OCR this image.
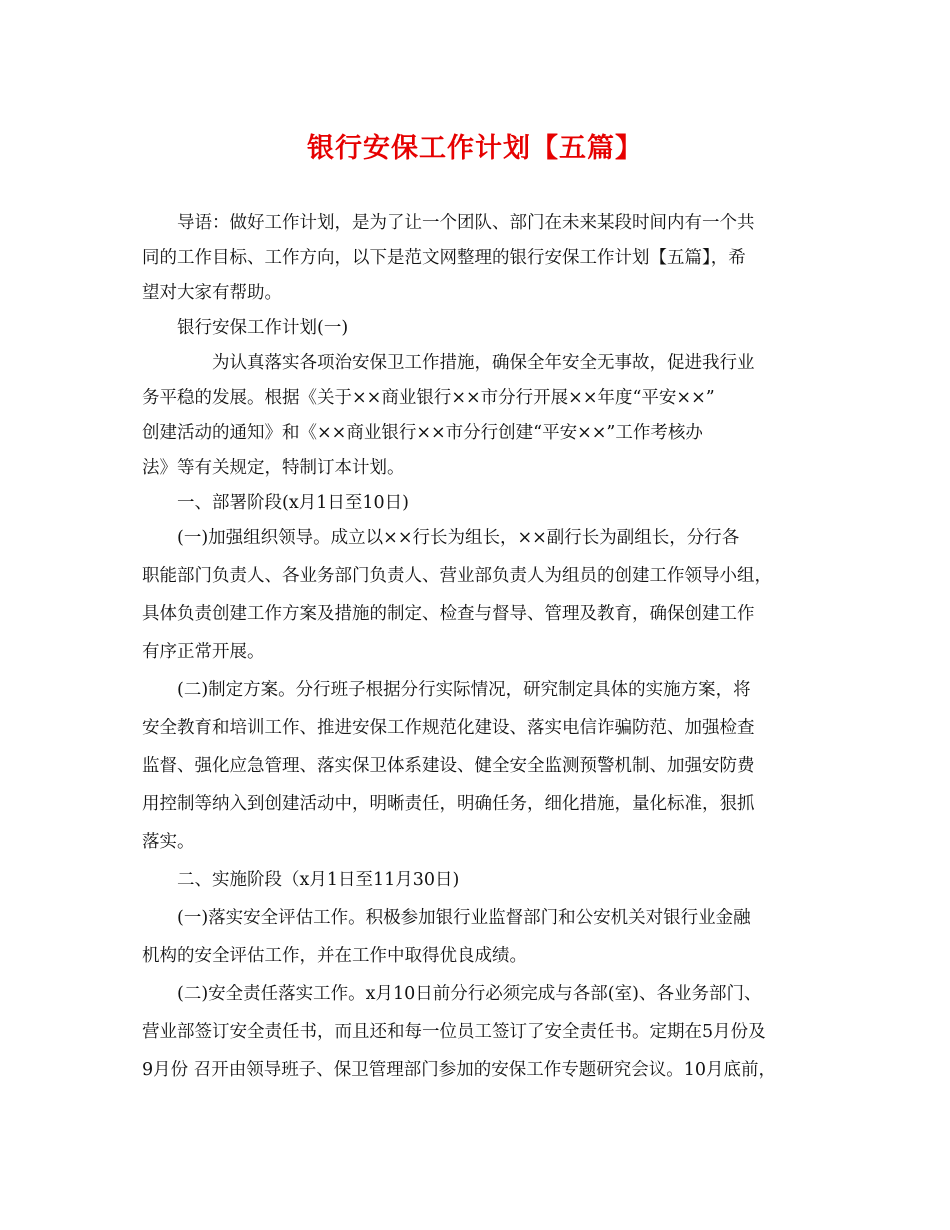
银行安保工作计划【五篇】
导语：做好工作计划，是为了让一个团队、部门在未来某段时间内有一个共
同的工作目标、工作方向，以下是范文网整理的银行安保工作计划【五篇】，希
望对大家有帮助。
银行安保工作计划(一)
为认真落实各项治安保卫工作措施，确保全年安全无事故，促进我行业
务平稳的发展。根据《关于××商业银行××市分行开展××年度“平安××”
创建活动的通知》和《××商业银行××市分行创建“平安××”工作考核办
法》等有关规定，特制订本计划。
一、部署阶段(x月1日至10日)
(一)加强组织领导。成立以××行长为组长，××副行长为副组长，分行各
职能部门负责人、各业务部门负责人、营业部负责人为组员的创建工作领导小组，
具体负责创建工作方案及措施的制定、检查与督导、管理及教育，确保创建工作
有序正常开展。
(二)制定方案。分行班子根据分行实际情况，研究制定具体的实施方案，将
安全教育和培训工作、推进安保工作规范化建设、落实电信诈骗防范、加强检查
监督、强化应急管理、落实保卫体系建设、健全安全监测预警机制、加强安防费
用控制等纳入到创建活动中，明晰责任，明确任务，细化措施，量化标准，狠抓
落实。
二、实施阶段（x月1日至11月30日)
(一)落实安全评估工作。积极参加银行业监督部门和公安机关对银行业金融
机构的安全评估工作，并在工作中取得优良成绩。
(二)安全责任落实工作。x月10日前分行必须完成与各部(室)、各业务部门、
营业部签订安全责任书，而且还和每一位员工签订了安全责任书。定期在5月份及
9月份 召开由领导班子、保卫管理部门参加的安保工作专题研究会议。10月底前，
